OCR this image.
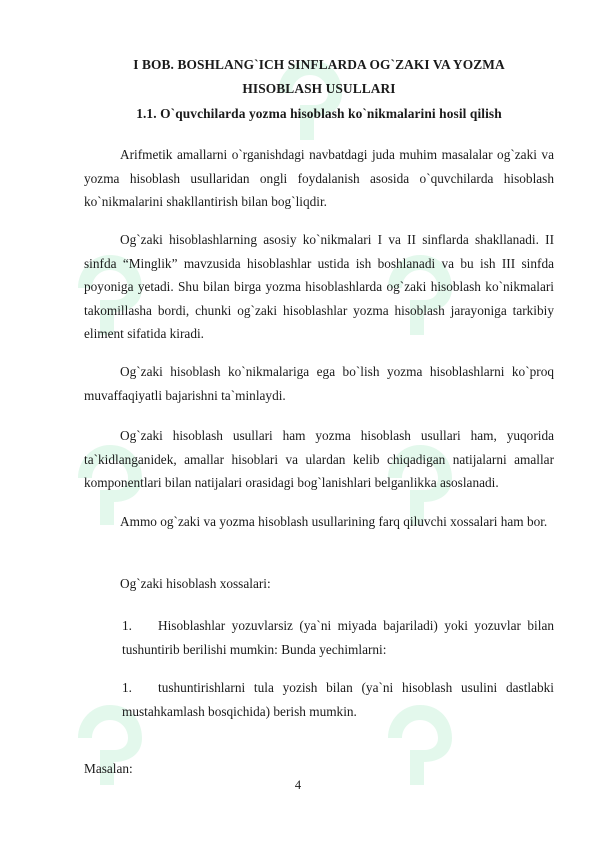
I BOB. BOSHLANG`ICH SINFLARDA OG`ZAKI VA YOZMA
HISOBLASH USULLARI
1.1. O`quvchilarda yozma hisoblash ko`nikmalarini hosil qilish

Arifmetik amallarni o`rganishdagi navbatdagi juda muhim masalalar og`zaki va yozma hisoblash usullaridan ongli foydalanish asosida o`quvchilarda hisoblash ko`nikmalarini shakllantirish bilan bog`liqdir.

Og`zaki hisoblashlarning asosiy ko`nikmalari I va II sinflarda shakllanadi. II sinfda “Minglik” mavzusida hisoblashlar ustida ish boshlanadi va bu ish III sinfda poyoniga yetadi. Shu bilan birga yozma hisoblashlarda og`zaki hisoblash ko`nikmalari takomillasha bordi, chunki og`zaki hisoblashlar yozma hisoblash jarayoniga tarkibiy eliment sifatida kiradi.

Og`zaki hisoblash ko`nikmalariga ega bo`lish yozma hisoblashlarni ko`proq muvaffaqiyatli bajarishni ta`minlaydi.

Og`zaki hisoblash usullari ham yozma hisoblash usullari ham, yuqorida ta`kidlanganidek, amallar hisoblari va ulardan kelib chiqadigan natijalarni amallar komponentlari bilan natijalari orasidagi bog`lanishlari belganlikka asoslanadi.

Ammo og`zaki va yozma hisoblash usullarining farq qiluvchi xossalari ham bor.

Og`zaki hisoblash xossalari:

1. Hisoblashlar yozuvlarsiz (ya`ni miyada bajariladi) yoki yozuvlar bilan tushuntirib berilishi mumkin: Bunda yechimlarni:

1. tushuntirishlarni tula yozish bilan (ya`ni hisoblash usulini dastlabki mustahkamlash bosqichida) berish mumkin.

Masalan:
4
